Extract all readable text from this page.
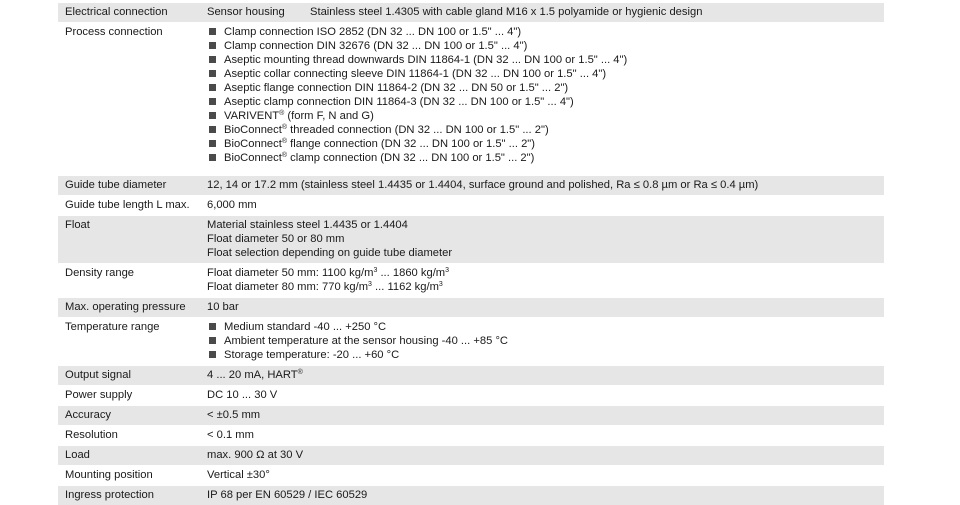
Electrical connection	Sensor housing Stainless steel 1.4305 with cable gland M16 x 1.5 polyamide or hygienic design
Process connection	Clamp connection ISO 2852 (DN 32 ... DN 100 or 1.5" ... 4")
Clamp connection DIN 32676 (DN 32 ... DN 100 or 1.5" ... 4")
Aseptic mounting thread downwards DIN 11864-1 (DN 32 ... DN 100 or 1.5" ... 4")
Aseptic collar connecting sleeve DIN 11864-1 (DN 32 ... DN 100 or 1.5" ... 4")
Aseptic flange connection DIN 11864-2 (DN 32 ... DN 50 or 1.5" ... 2")
Aseptic clamp connection DIN 11864-3 (DN 32 ... DN 100 or 1.5" ... 4")
VARIVENT® (form F, N and G)
BioConnect® threaded connection (DN 32 ... DN 100 or 1.5" ... 2")
BioConnect® flange connection (DN 32 ... DN 100 or 1.5" ... 2")
BioConnect® clamp connection (DN 32 ... DN 100 or 1.5" ... 2")
Guide tube diameter	12, 14 or 17.2 mm (stainless steel 1.4435 or 1.4404, surface ground and polished, Ra ≤ 0.8 µm or Ra ≤ 0.4 µm)
Guide tube length L max.	6,000 mm
Float	Material stainless steel 1.4435 or 1.4404
Float diameter 50 or 80 mm
Float selection depending on guide tube diameter
Density range	Float diameter 50 mm: 1100 $kg/m^3$ ... 1860 $kg/m^3$
Float diameter 80 mm: 770 $kg/m^3$ ... 1162 $kg/m^3$
Max. operating pressure	10 bar
Temperature range	Medium standard -40 ... +250 °C
Ambient temperature at the sensor housing -40 ... +85 °C
Storage temperature: -20 ... +60 °C
Output signal	4 ... 20 mA, HART®
Power supply	DC 10 ... 30 V
Accuracy	< ±0.5 mm
Resolution	< 0.1 mm
Load	max. 900 Ω at 30 V
Mounting position	Vertical ±30°
Ingress protection	IP 68 per EN 60529 / IEC 60529
